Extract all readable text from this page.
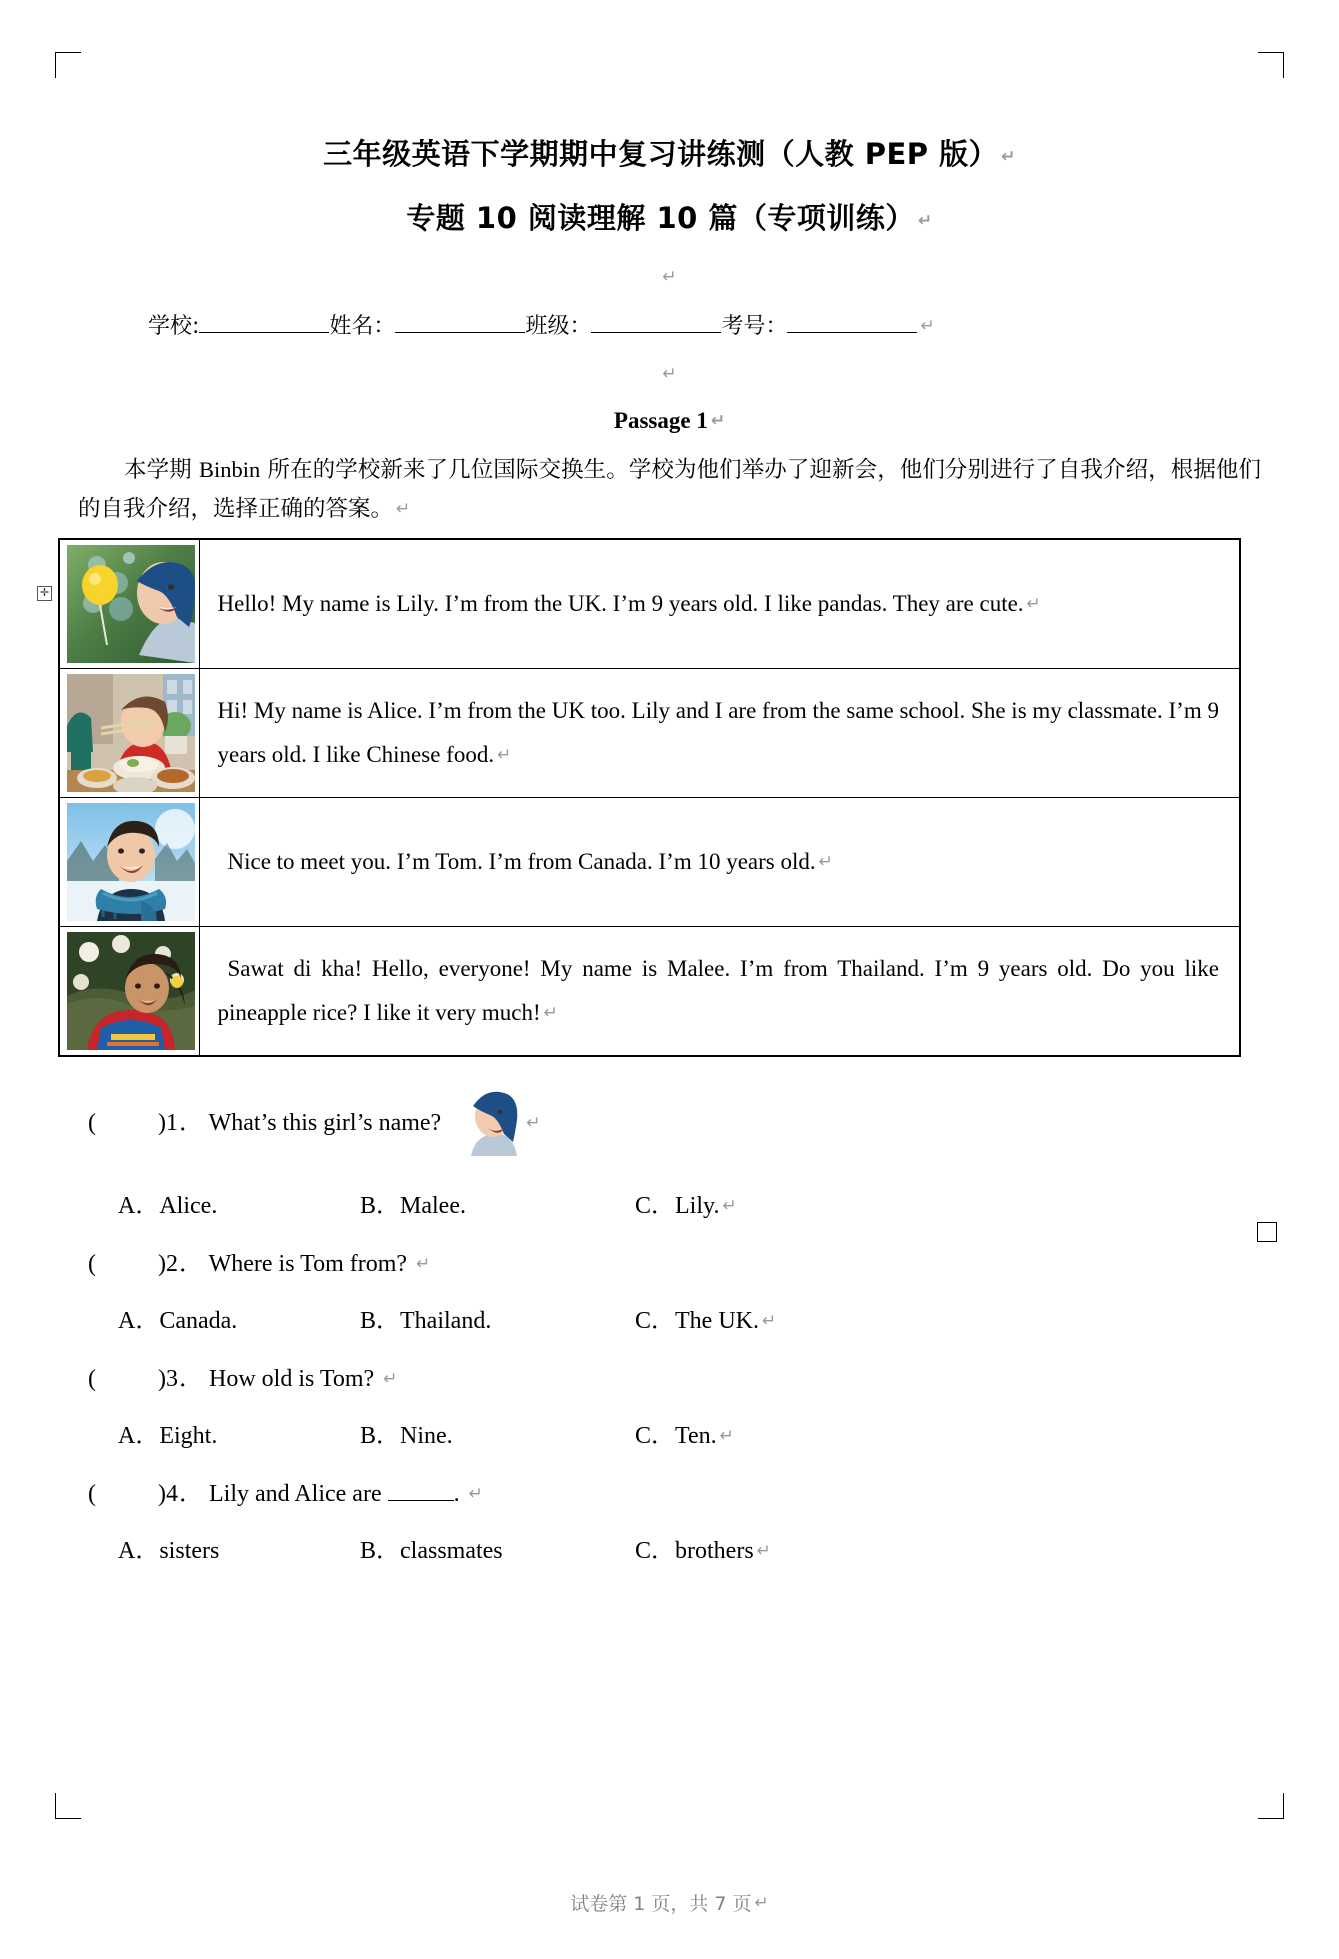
✛
三年级英语下学期期中复习讲练测（人教 PEP 版） ↵
专题 10 阅读理解 10 篇（专项训练） ↵
↵
学校:	姓名：	班级：	考号：	↵
↵
Passage 1 ↵
本学期 Binbin 所在的学校新来了几位国际交换生。学校为他们举办了迎新会，他们分别进行了自我介绍，根据他们的自我介绍，选择正确的答案。 ↵
	Hello! My name is Lily. I’m from the UK. I’m 9 years old. I like pandas. They are cute. ↵

	Hi! My name is Alice. I’m from the UK too. Lily and I are from the same school. She is my classmate. I’m 9 years old. I like Chinese food. ↵

	Nice to meet you. I’m Tom. I’m from Canada. I’m 10 years old. ↵

	Sawat di kha! Hello, everyone! My name is Malee. I’m from Thailand. I’m 9 years old. Do you like pineapple rice? I like it very much! ↵
(	)1． What’s this girl’s name?	↵
A．Alice.	B．Malee.	C．Lily. ↵
(	)2． Where is Tom from? ↵
A．Canada.	B．Thailand.	C．The UK. ↵
(	)3． How old is Tom? ↵
A．Eight.	B．Nine.	C．Ten. ↵
(	)4． Lily and Alice are	. ↵
A．sisters	B．classmates	C．brothers ↵
试卷第 1 页，共 7 页 ↵
